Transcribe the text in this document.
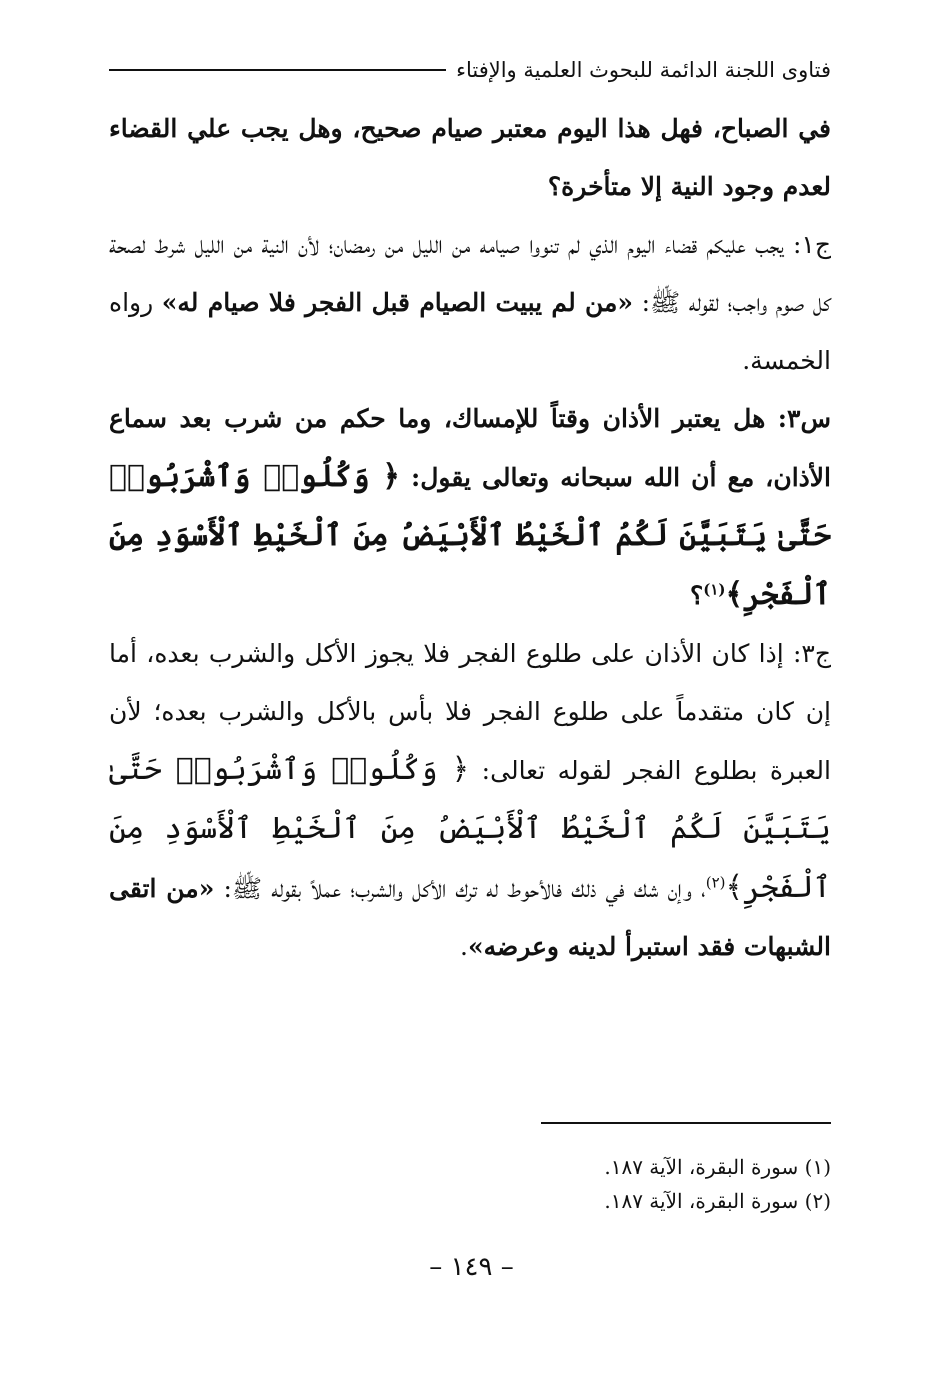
فتاوى اللجنة الدائمة للبحوث العلمية والإفتاء

في الصباح، فهل هذا اليوم معتبر صيام صحيح، وهل يجب علي القضاء لعدم وجود النية إلا متأخرة؟

ج١: يجب عليكم قضاء اليوم الذي لم تنووا صيامه من الليل من رمضان؛ لأن النية من الليل شرط لصحة كل صوم واجب؛ لقوله ﷺ: «من لم يبيت الصيام قبل الفجر فلا صيام له» رواه الخمسة.

س٣: هل يعتبر الأذان وقتاً للإمساك، وما حكم من شرب بعد سماع الأذان، مع أن الله سبحانه وتعالى يقول: ﴿ وَكُلُوا۟ وَٱشْرَبُوا۟ حَتَّىٰ يَتَبَيَّنَ لَكُمُ ٱلْخَيْطُ ٱلْأَبْيَضُ مِنَ ٱلْخَيْطِ ٱلْأَسْوَدِ مِنَ ٱلْفَجْرِ﴾$^{(١)}$؟

ج٣: إذا كان الأذان على طلوع الفجر فلا يجوز الأكل والشرب بعده، أما إن كان متقدماً على طلوع الفجر فلا بأس بالأكل والشرب بعده؛ لأن العبرة بطلوع الفجر لقوله تعالى: ﴿ وَكُلُوا۟ وَٱشْرَبُوا۟ حَتَّىٰ يَتَبَيَّنَ لَكُمُ ٱلْخَيْطُ ٱلْأَبْيَضُ مِنَ ٱلْخَيْطِ ٱلْأَسْوَدِ مِنَ ٱلْفَجْرِ﴾$^{(٢)}$، وإن شك في ذلك فالأحوط له ترك الأكل والشرب؛ عملاً بقوله ﷺ: «من اتقى الشبهات فقد استبرأ لدينه وعرضه».

(١) سورة البقرة، الآية ١٨٧.
(٢) سورة البقرة، الآية ١٨٧.
– ١٤٩ –
